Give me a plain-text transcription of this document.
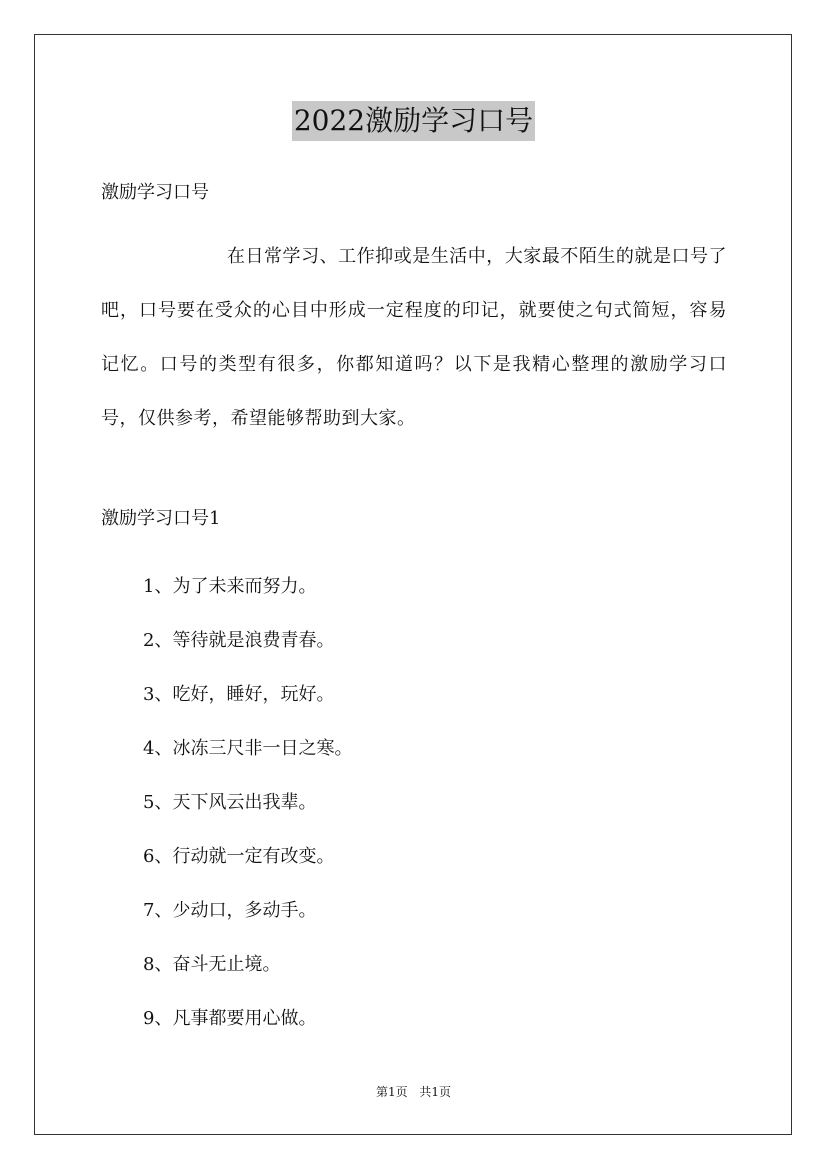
2022激励学习口号
激励学习口号

在日常学习、工作抑或是生活中，大家最不陌生的就是口号了吧，口号要在受众的心目中形成一定程度的印记，就要使之句式简短，容易记忆。口号的类型有很多，你都知道吗？以下是我精心整理的激励学习口号，仅供参考，希望能够帮助到大家。

激励学习口号1
1、为了未来而努力。
2、等待就是浪费青春。
3、吃好，睡好，玩好。
4、冰冻三尺非一日之寒。
5、天下风云出我辈。
6、行动就一定有改变。
7、少动口，多动手。
8、奋斗无止境。
9、凡事都要用心做。
第1页 共1页
